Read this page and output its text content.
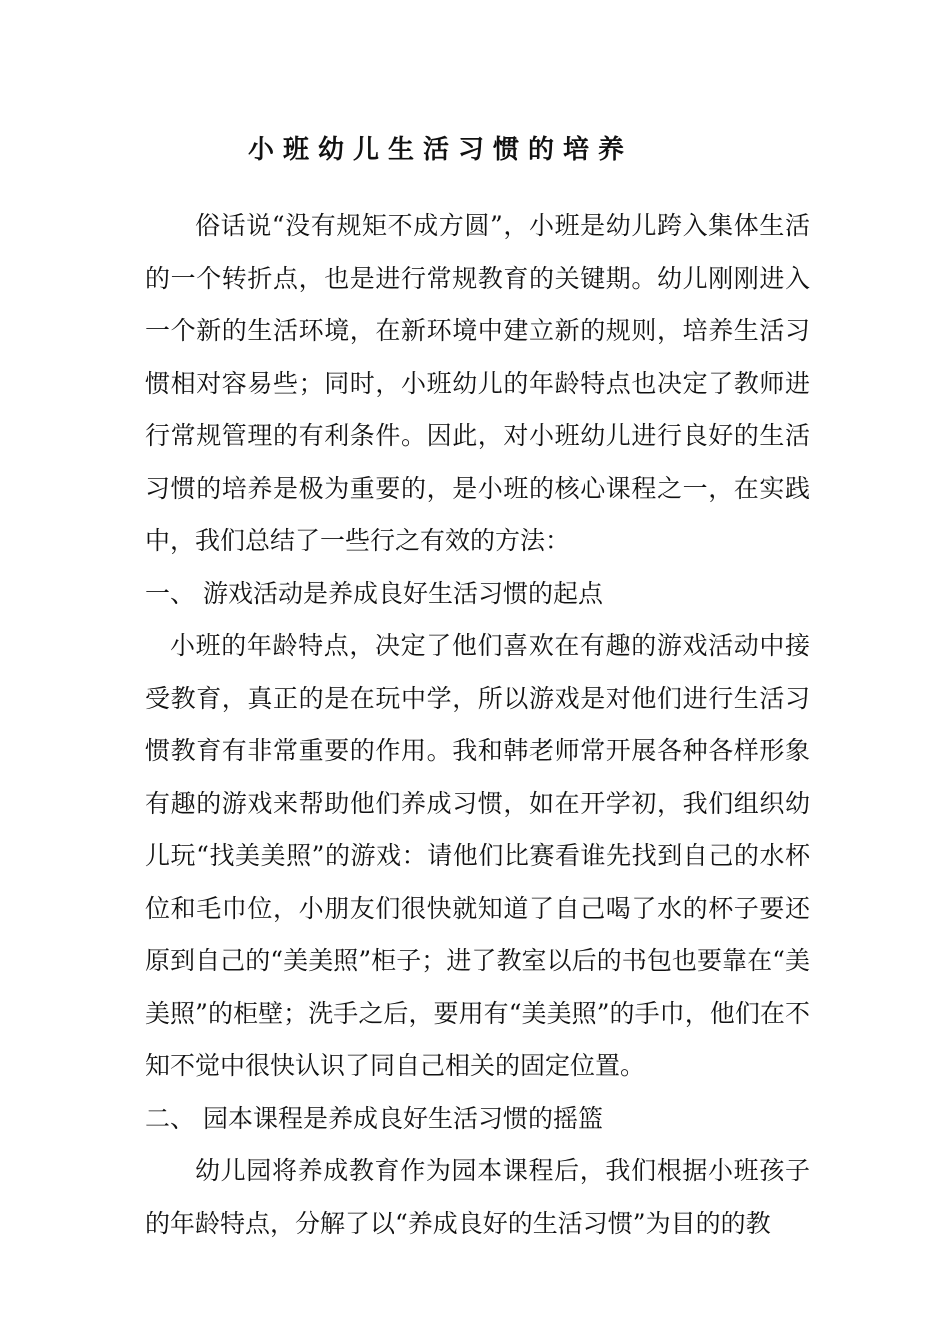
小班幼儿生活习惯的培养

俗话说“没有规矩不成方圆”，小班是幼儿跨入集体生活的一个转折点，也是进行常规教育的关键期。幼儿刚刚进入一个新的生活环境，在新环境中建立新的规则，培养生活习惯相对容易些；同时，小班幼儿的年龄特点也决定了教师进行常规管理的有利条件。因此，对小班幼儿进行良好的生活习惯的培养是极为重要的，是小班的核心课程之一，在实践中，我们总结了一些行之有效的方法：

一、 游戏活动是养成良好生活习惯的起点

小班的年龄特点，决定了他们喜欢在有趣的游戏活动中接受教育，真正的是在玩中学，所以游戏是对他们进行生活习惯教育有非常重要的作用。我和韩老师常开展各种各样形象有趣的游戏来帮助他们养成习惯，如在开学初，我们组织幼儿玩“找美美照”的游戏：请他们比赛看谁先找到自己的水杯位和毛巾位，小朋友们很快就知道了自己喝了水的杯子要还原到自己的“美美照”柜子；进了教室以后的书包也要靠在“美美照”的柜壁；洗手之后，要用有“美美照”的手巾，他们在不知不觉中很快认识了同自己相关的固定位置。

二、 园本课程是养成良好生活习惯的摇篮

幼儿园将养成教育作为园本课程后，我们根据小班孩子的年龄特点，分解了以“养成良好的生活习惯”为目的的教
